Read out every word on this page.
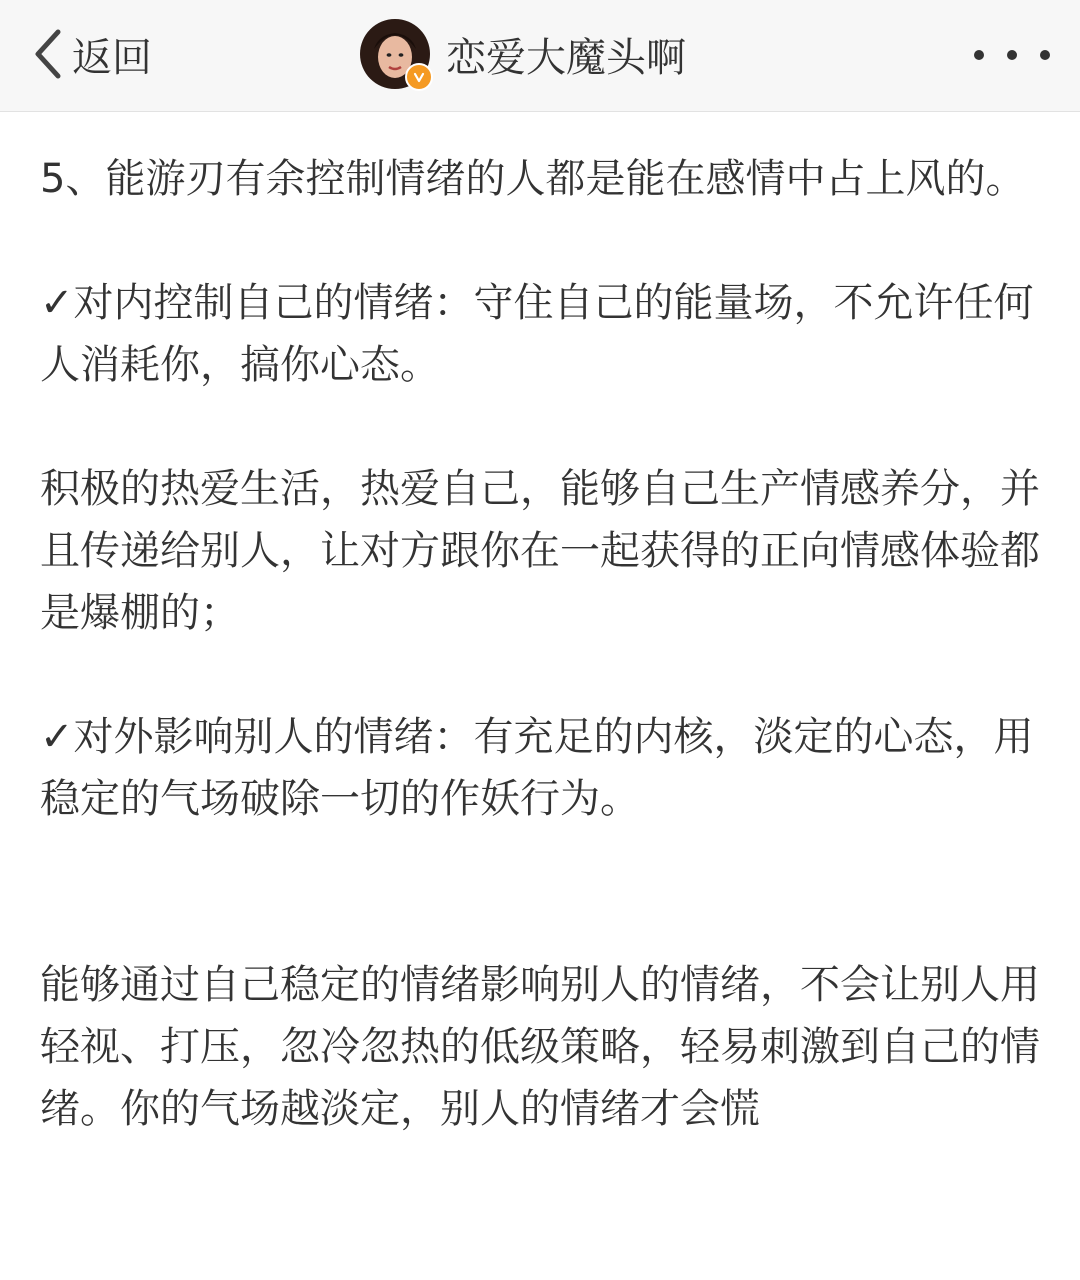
返回	恋爱大魔头啊

5、能游刃有余控制情绪的人都是能在感情中占上风的。

✓对内控制自己的情绪：守住自己的能量场，不允许任何人消耗你，搞你心态。

积极的热爱生活，热爱自己，能够自己生产情感养分，并且传递给别人，让对方跟你在一起获得的正向情感体验都是爆棚的；

✓对外影响别人的情绪：有充足的内核，淡定的心态，用稳定的气场破除一切的作妖行为。

能够通过自己稳定的情绪影响别人的情绪，不会让别人用轻视、打压，忽冷忽热的低级策略，轻易刺激到自己的情绪。你的气场越淡定，别人的情绪才会慌
